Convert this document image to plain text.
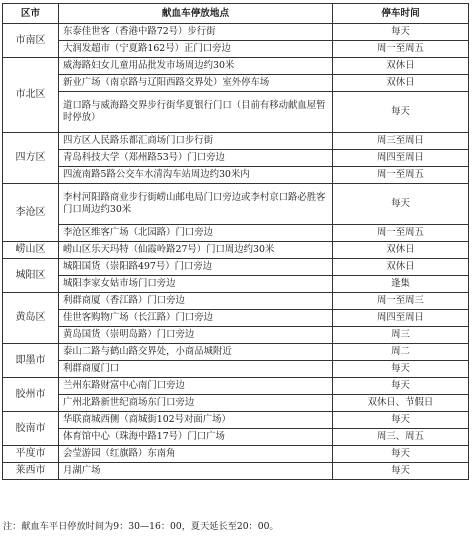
区市	献血车停放地点	停车时间
市南区	东泰佳世客（香港中路72号）步行街	每天
	大润发超市（宁夏路162号）正门口旁边	周一至周五
市北区	威海路妇女儿童用品批发市场周边约30米	双休日
	新业广场（南京路与辽阳西路交界处）室外停车场	双休日
	道口路与威海路交界步行街华夏银行门口（目前有移动献血屋暂时停放）	每天
四方区	四方区人民路乐都汇商场门口步行街	周三至周日
	青岛科技大学（郑州路53号）门口旁边	周四至周日
	四流南路5路公交车水清沟车站周边约30米内	周一至周五
李沧区	李村河阳路商业步行街崂山邮电局门口旁边或李村京口路必胜客门口周边约30米	每天
	李沧区维客广场（北园路）门口旁边	周一至周五
崂山区	崂山区乐天玛特（仙霞岭路27号）门口周边约30米	双休日
城阳区	城阳国货（崇阳路497号）门口旁边	双休日
	城阳李家女姑市场门口旁边	逢集
黄岛区	利群商厦（香江路）门口旁边	周一至周三
	佳世客购物广场（长江路）门口旁边	周四至周日
	黄岛国货（崇明岛路）门口旁边	周三
即墨市	泰山二路与鹤山路交界处，小商品城附近	周二
	利群商厦门口	每天
胶州市	兰州东路财富中心南门口旁边	每天
	广州北路新世纪商场东门口旁边	双休日、节假日
胶南市	华联商城西侧（商城街102号对面广场）	每天
	体育馆中心（珠海中路17号）门口广场	周三、周五
平度市	会莹游园（红旗路）东南角	每天
莱西市	月湖广场	每天
注：献血车平日停放时间为9：30—16：00，夏天延长至20：00。
